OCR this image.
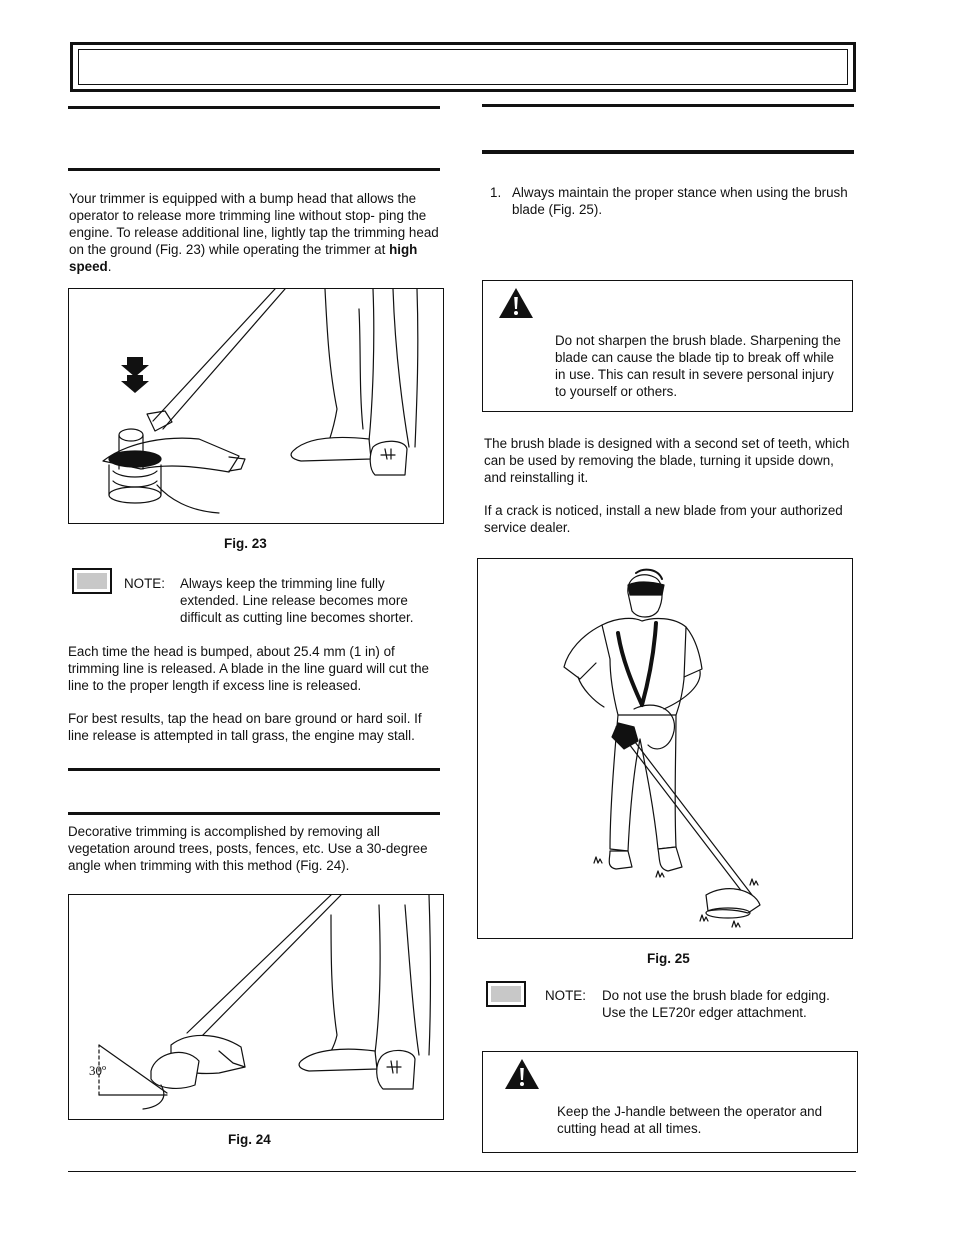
Your trimmer is equipped with a bump head that allows the operator to release more trimming line without stop- ping the engine. To release additional line, lightly tap the trimming head on the ground (Fig. 23) while operating the trimmer at high speed.

Fig. 23
NOTE: Always keep the trimming line fully extended. Line release becomes more difficult as cutting line becomes shorter.

Each time the head is bumped, about 25.4 mm (1 in) of trimming line is released. A blade in the line guard will cut the line to the proper length if excess line is released.

For best results, tap the head on bare ground or hard soil. If line release is attempted in tall grass, the engine may stall.

Decorative trimming is accomplished by removing all vegetation around trees, posts, fences, etc. Use a 30-degree angle when trimming with this method (Fig. 24).

30º
Fig. 24
1. Always maintain the proper stance when using the brush blade (Fig. 25).
Do not sharpen the brush blade. Sharpening the blade can cause the blade tip to break off while in use. This can result in severe personal injury to yourself or others.

The brush blade is designed with a second set of teeth, which can be used by removing the blade, turning it upside down, and reinstalling it.

If a crack is noticed, install a new blade from your authorized service dealer.

Fig. 25
NOTE: Do not use the brush blade for edging. Use the LE720r edger attachment.
Keep the J-handle between the operator and cutting head at all times.
